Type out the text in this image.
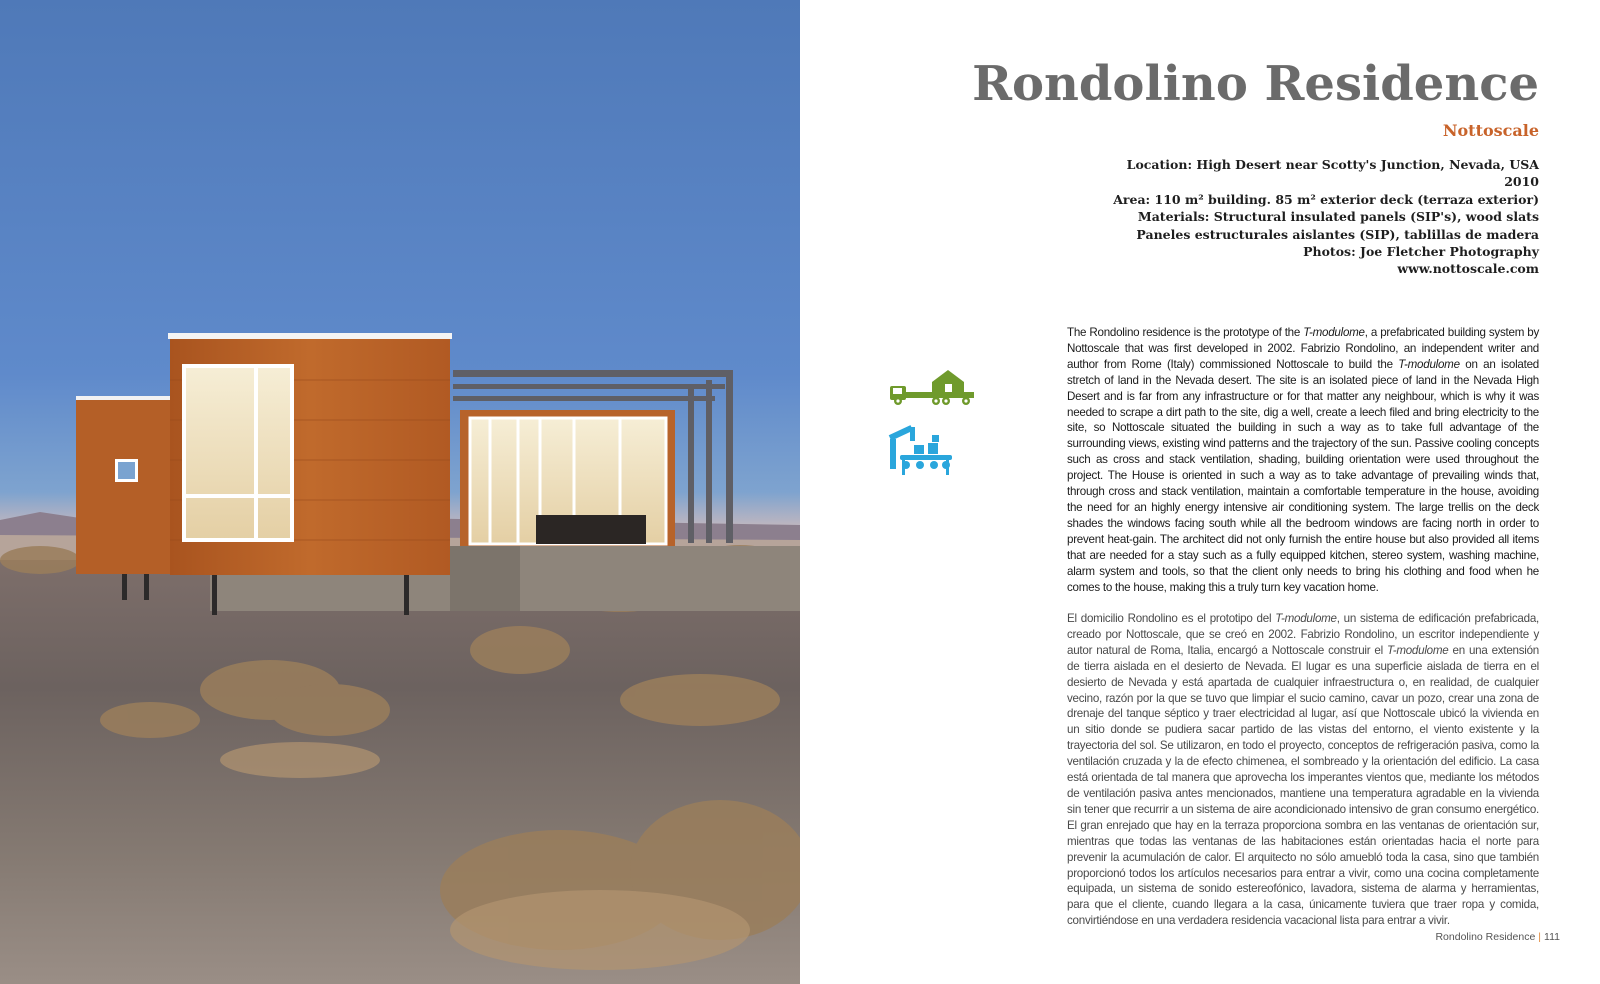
Rondolino Residence
Nottoscale
Location: High Desert near Scotty's Junction, Nevada, USA
2010
Area: 110 m² building. 85 m² exterior deck (terraza exterior)
Materials: Structural insulated panels (SIP's), wood slats
Paneles estructurales aislantes (SIP), tablillas de madera
Photos: Joe Fletcher Photography
www.nottoscale.com

The Rondolino residence is the prototype of the T-modulome, a prefabricated building system by Nottoscale that was first developed in 2002. Fabrizio Rondolino, an independent writer and author from Rome (Italy) commissioned Nottoscale to build the T-modulome on an isolated stretch of land in the Nevada desert. The site is an isolated piece of land in the Nevada High Desert and is far from any infrastructure or for that matter any neighbour, which is why it was needed to scrape a dirt path to the site, dig a well, create a leech filed and bring electricity to the site, so Nottoscale situated the building in such a way as to take full advantage of the surrounding views, existing wind patterns and the trajectory of the sun. Passive cooling concepts such as cross and stack ventilation, shading, building orientation were used throughout the project. The House is oriented in such a way as to take advantage of prevailing winds that, through cross and stack ventilation, maintain a comfortable temperature in the house, avoiding the need for an highly energy intensive air conditioning system. The large trellis on the deck shades the windows facing south while all the bedroom windows are facing north in order to prevent heat-gain. The architect did not only furnish the entire house but also provided all items that are needed for a stay such as a fully equipped kitchen, stereo system, washing machine, alarm system and tools, so that the client only needs to bring his clothing and food when he comes to the house, making this a truly turn key vacation home.

El domicilio Rondolino es el prototipo del T-modulome, un sistema de edificación prefabricada, creado por Nottoscale, que se creó en 2002. Fabrizio Rondolino, un escritor independiente y autor natural de Roma, Italia, encargó a Nottoscale construir el T-modulome en una extensión de tierra aislada en el desierto de Nevada. El lugar es una superficie aislada de tierra en el desierto de Nevada y está apartada de cualquier infraestructura o, en realidad, de cualquier vecino, razón por la que se tuvo que limpiar el sucio camino, cavar un pozo, crear una zona de drenaje del tanque séptico y traer electricidad al lugar, así que Nottoscale ubicó la vivienda en un sitio donde se pudiera sacar partido de las vistas del entorno, el viento existente y la trayectoria del sol. Se utilizaron, en todo el proyecto, conceptos de refrigeración pasiva, como la ventilación cruzada y la de efecto chimenea, el sombreado y la orientación del edificio. La casa está orientada de tal manera que aprovecha los imperantes vientos que, mediante los métodos de ventilación pasiva antes mencionados, mantiene una temperatura agradable en la vivienda sin tener que recurrir a un sistema de aire acondicionado intensivo de gran consumo energético. El gran enrejado que hay en la terraza proporciona sombra en las ventanas de orientación sur, mientras que todas las ventanas de las habitaciones están orientadas hacia el norte para prevenir la acumulación de calor. El arquitecto no sólo amuebló toda la casa, sino que también proporcionó todos los artículos necesarios para entrar a vivir, como una cocina completamente equipada, un sistema de sonido estereofónico, lavadora, sistema de alarma y herramientas, para que el cliente, cuando llegara a la casa, únicamente tuviera que traer ropa y comida, convirtiéndose en una verdadera residencia vacacional lista para entrar a vivir.

Rondolino Residence | 111
